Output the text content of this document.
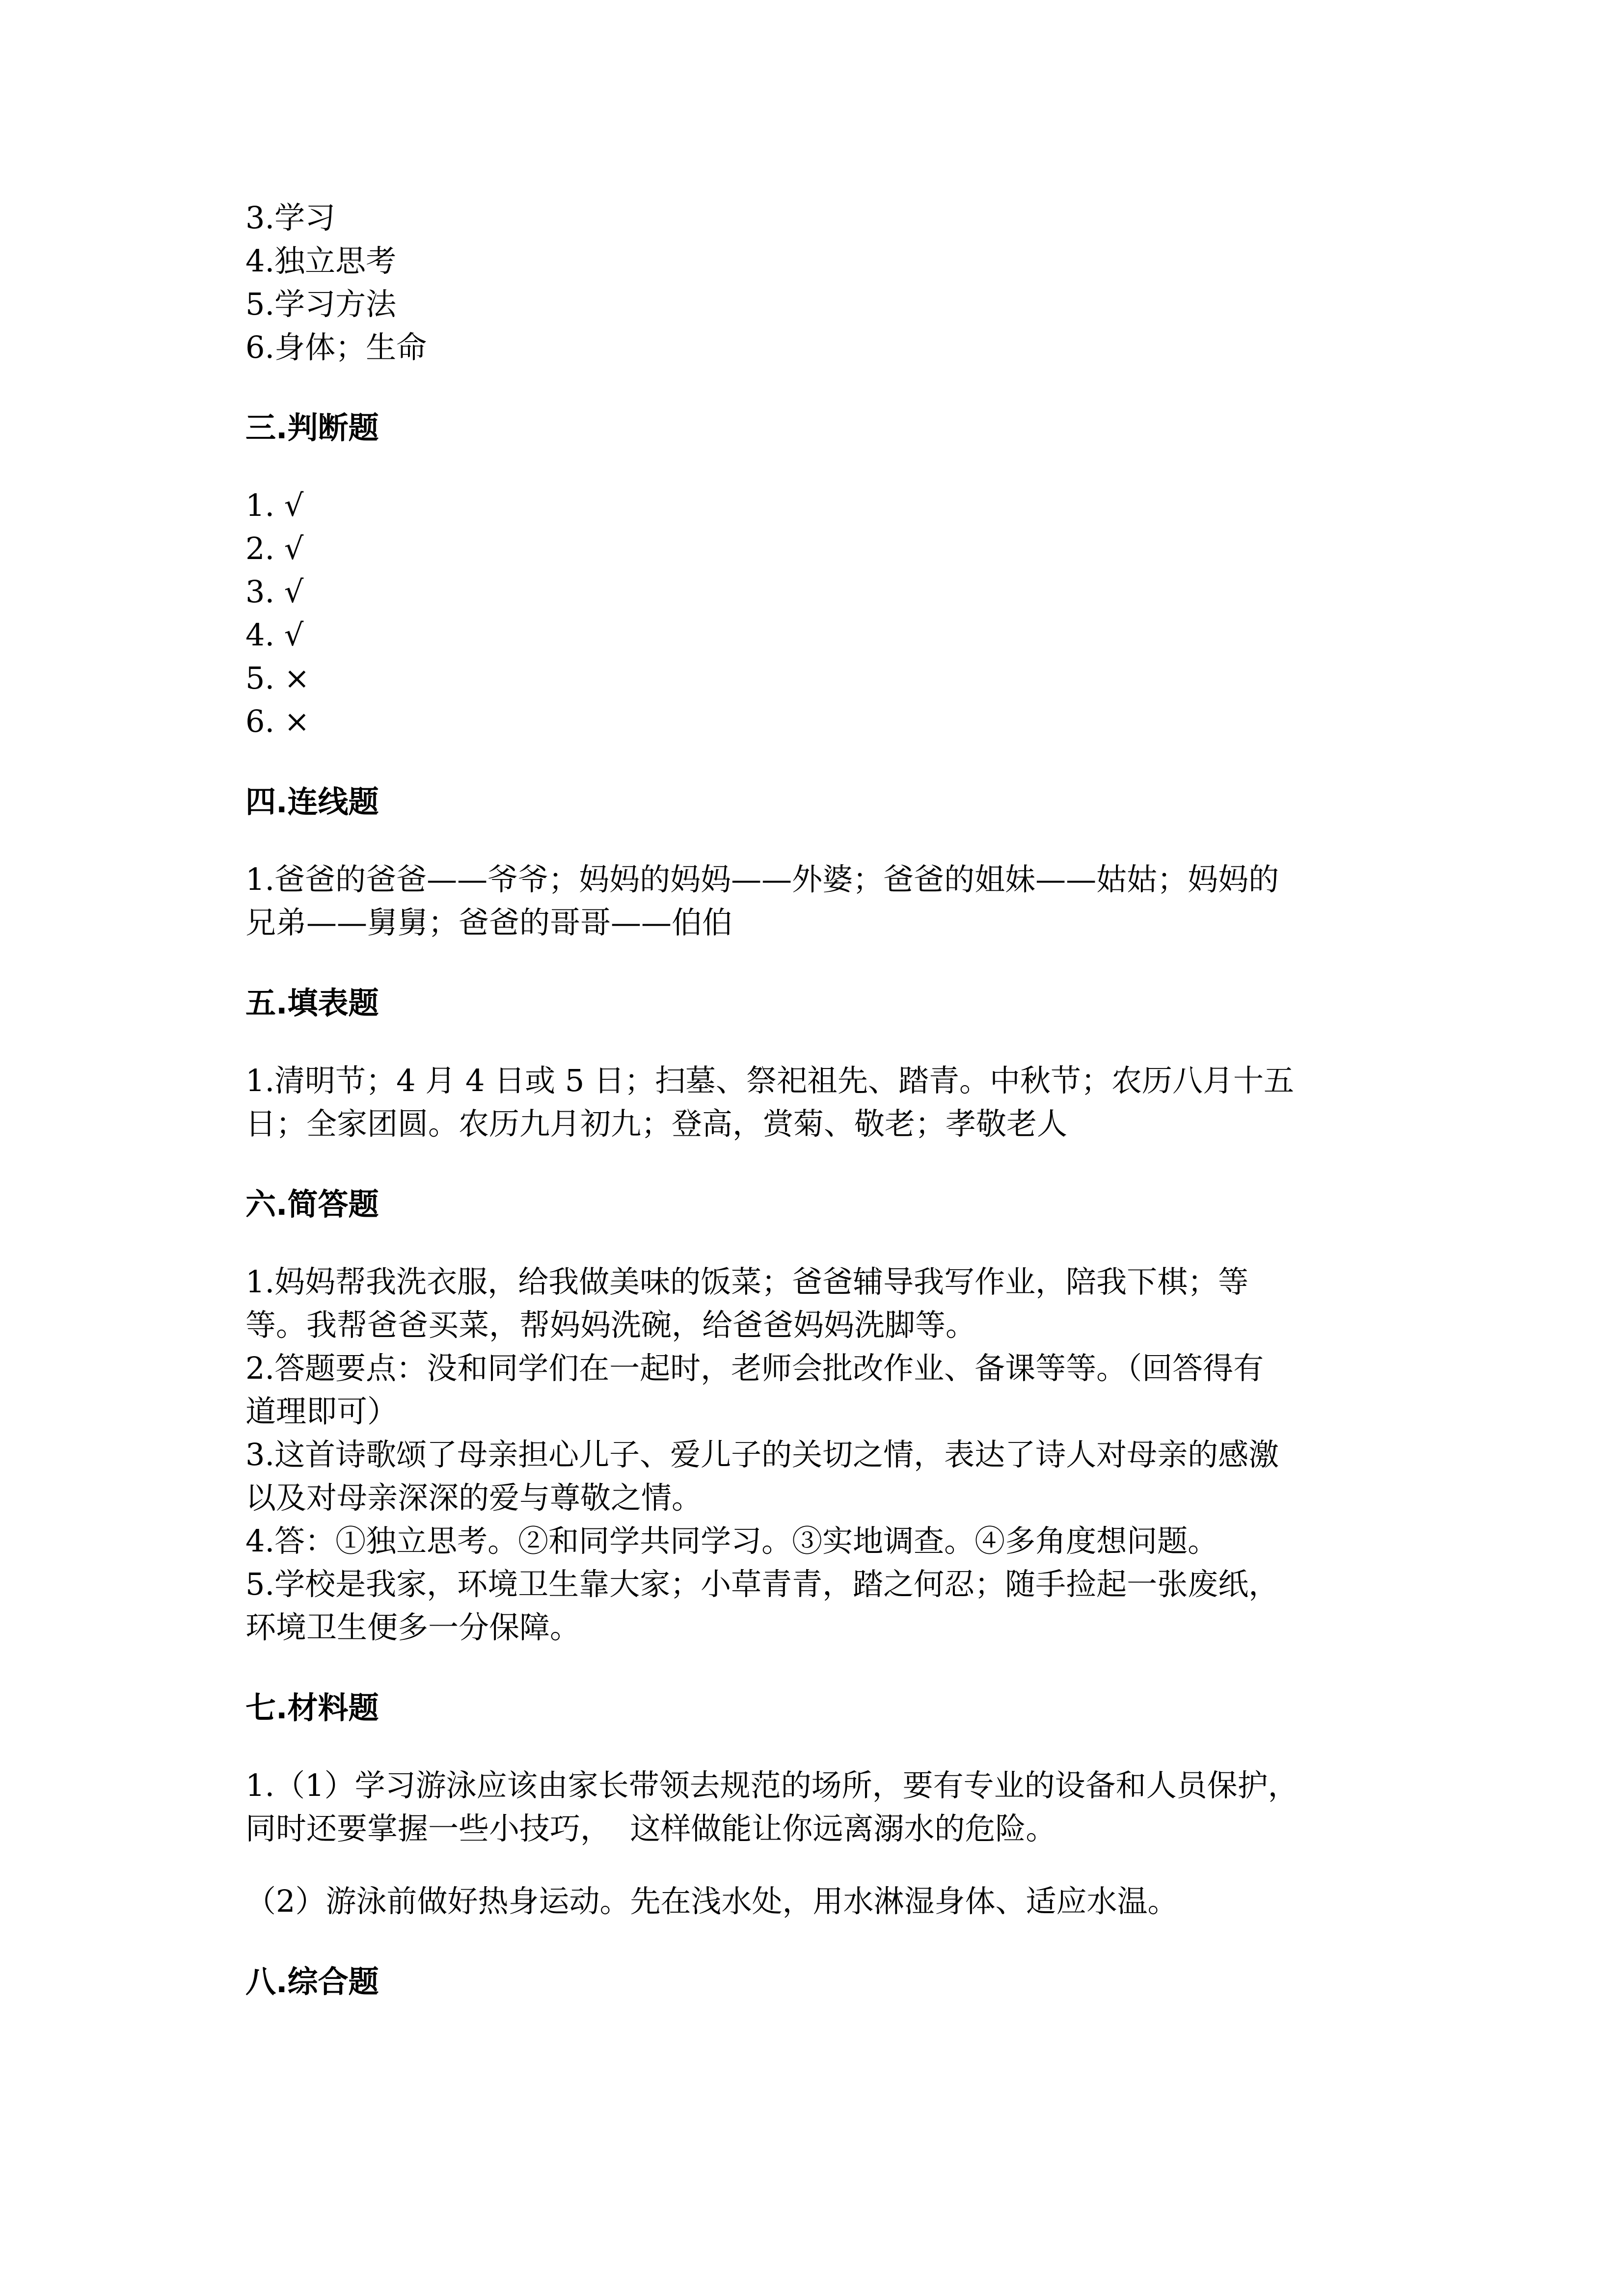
3.学习

4.独立思考

5.学习方法

6.身体；生命

三.判断题

1. √

2. √

3. √

4. √

5. ×

6. ×

四.连线题

1.爸爸的爸爸——爷爷；妈妈的妈妈——外婆；爸爸的姐妹——姑姑；妈妈的

兄弟——舅舅；爸爸的哥哥——伯伯

五.填表题

1.清明节；4 月 4 日或 5 日；扫墓、祭祀祖先、踏青。中秋节；农历八月十五

日；全家团圆。农历九月初九；登高，赏菊、敬老；孝敬老人

六.简答题

1.妈妈帮我洗衣服，给我做美味的饭菜；爸爸辅导我写作业，陪我下棋；等

等。我帮爸爸买菜，帮妈妈洗碗，给爸爸妈妈洗脚等。

2.答题要点：没和同学们在一起时，老师会批改作业、备课等等。（回答得有

道理即可）

3.这首诗歌颂了母亲担心儿子、爱儿子的关切之情，表达了诗人对母亲的感激

以及对母亲深深的爱与尊敬之情。

4.答：①独立思考。②和同学共同学习。③实地调查。④多角度想问题。

5.学校是我家，环境卫生靠大家；小草青青，踏之何忍；随手捡起一张废纸，

环境卫生便多一分保障。

七.材料题

1.（1）学习游泳应该由家长带领去规范的场所，要有专业的设备和人员保护，

同时还要掌握一些小技巧，  这样做能让你远离溺水的危险。

（2）游泳前做好热身运动。先在浅水处，用水淋湿身体、适应水温。

八.综合题
